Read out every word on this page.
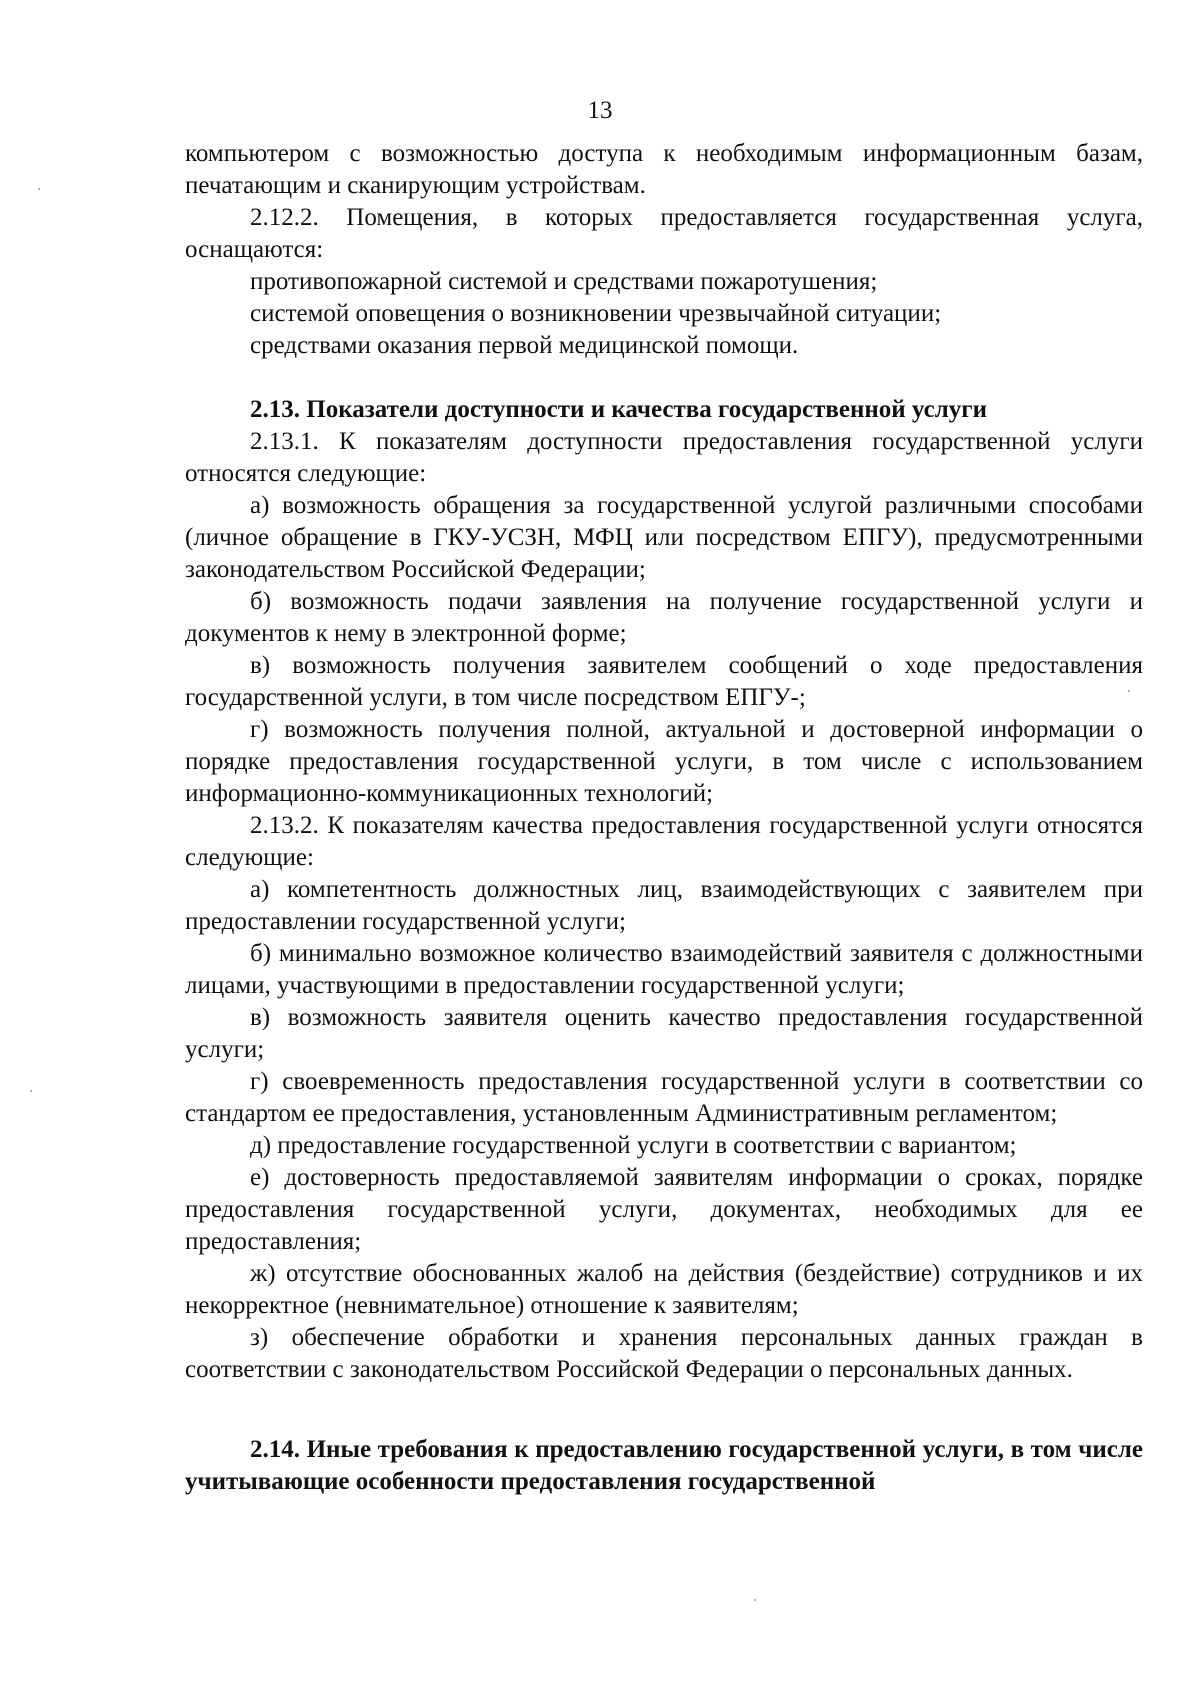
13

компьютером с возможностью доступа к необходимым информационным базам, печатающим и сканирующим устройствам.

2.12.2. Помещения, в которых предоставляется государственная услуга, оснащаются:

противопожарной системой и средствами пожаротушения;

системой оповещения о возникновении чрезвычайной ситуации;

средствами оказания первой медицинской помощи.

2.13. Показатели доступности и качества государственной услуги

2.13.1. К показателям доступности предоставления государственной услуги относятся следующие:

а) возможность обращения за государственной услугой различными способами (личное обращение в ГКУ-УСЗН, МФЦ или посредством ЕПГУ), предусмотренными законодательством Российской Федерации;

б) возможность подачи заявления на получение государственной услуги и документов к нему в электронной форме;

в) возможность получения заявителем сообщений о ходе предоставления государственной услуги, в том числе посредством ЕПГУ-;

г) возможность получения полной, актуальной и достоверной информации о порядке предоставления государственной услуги, в том числе с использованием информационно-коммуникационных технологий;

2.13.2. К показателям качества предоставления государственной услуги относятся следующие:

а) компетентность должностных лиц, взаимодействующих с заявителем при предоставлении государственной услуги;

б) минимально возможное количество взаимодействий заявителя с должностными лицами, участвующими в предоставлении государственной услуги;

в) возможность заявителя оценить качество предоставления государственной услуги;

г) своевременность предоставления государственной услуги в соответствии со стандартом ее предоставления, установленным Административным регламентом;

д) предоставление государственной услуги в соответствии с вариантом;

е) достоверность предоставляемой заявителям информации о сроках, порядке предоставления государственной услуги, документах, необходимых для ее предоставления;

ж) отсутствие обоснованных жалоб на действия (бездействие) сотрудников и их некорректное (невнимательное) отношение к заявителям;

з) обеспечение обработки и хранения персональных данных граждан в соответствии с законодательством Российской Федерации о персональных данных.

2.14. Иные требования к предоставлению государственной услуги, в том числе учитывающие особенности предоставления государственной
